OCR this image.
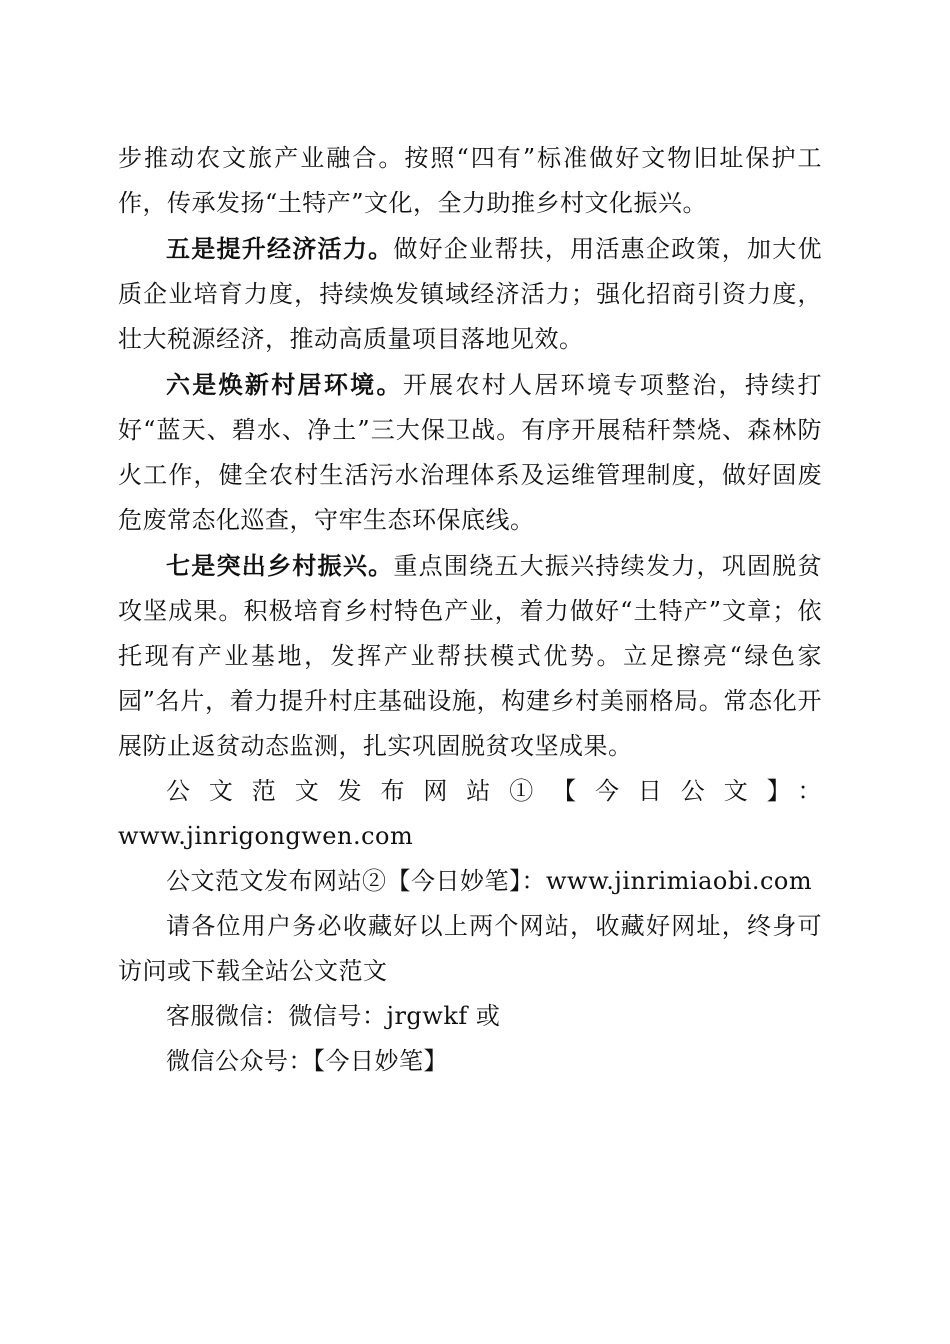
步推动农文旅产业融合。按照“四有”标准做好文物旧址保护工作，传承发扬“土特产”文化，全力助推乡村文化振兴。

五是提升经济活力。做好企业帮扶，用活惠企政策，加大优质企业培育力度，持续焕发镇域经济活力；强化招商引资力度，壮大税源经济，推动高质量项目落地见效。

六是焕新村居环境。开展农村人居环境专项整治，持续打好“蓝天、碧水、净土”三大保卫战。有序开展秸秆禁烧、森林防火工作，健全农村生活污水治理体系及运维管理制度，做好固废危废常态化巡查，守牢生态环保底线。

七是突出乡村振兴。重点围绕五大振兴持续发力，巩固脱贫攻坚成果。积极培育乡村特色产业，着力做好“土特产”文章；依托现有产业基地，发挥产业帮扶模式优势。立足擦亮“绿色家园”名片，着力提升村庄基础设施，构建乡村美丽格局。常态化开展防止返贫动态监测，扎实巩固脱贫攻坚成果。

公文范文发布网站①【今日公文】：

www.jinrigongwen.com

公文范文发布网站②【今日妙笔】：www.jinrimiaobi.com

请各位用户务必收藏好以上两个网站，收藏好网址，终身可访问或下载全站公文范文

客服微信：微信号：jrgwkf 或

微信公众号：【今日妙笔】
